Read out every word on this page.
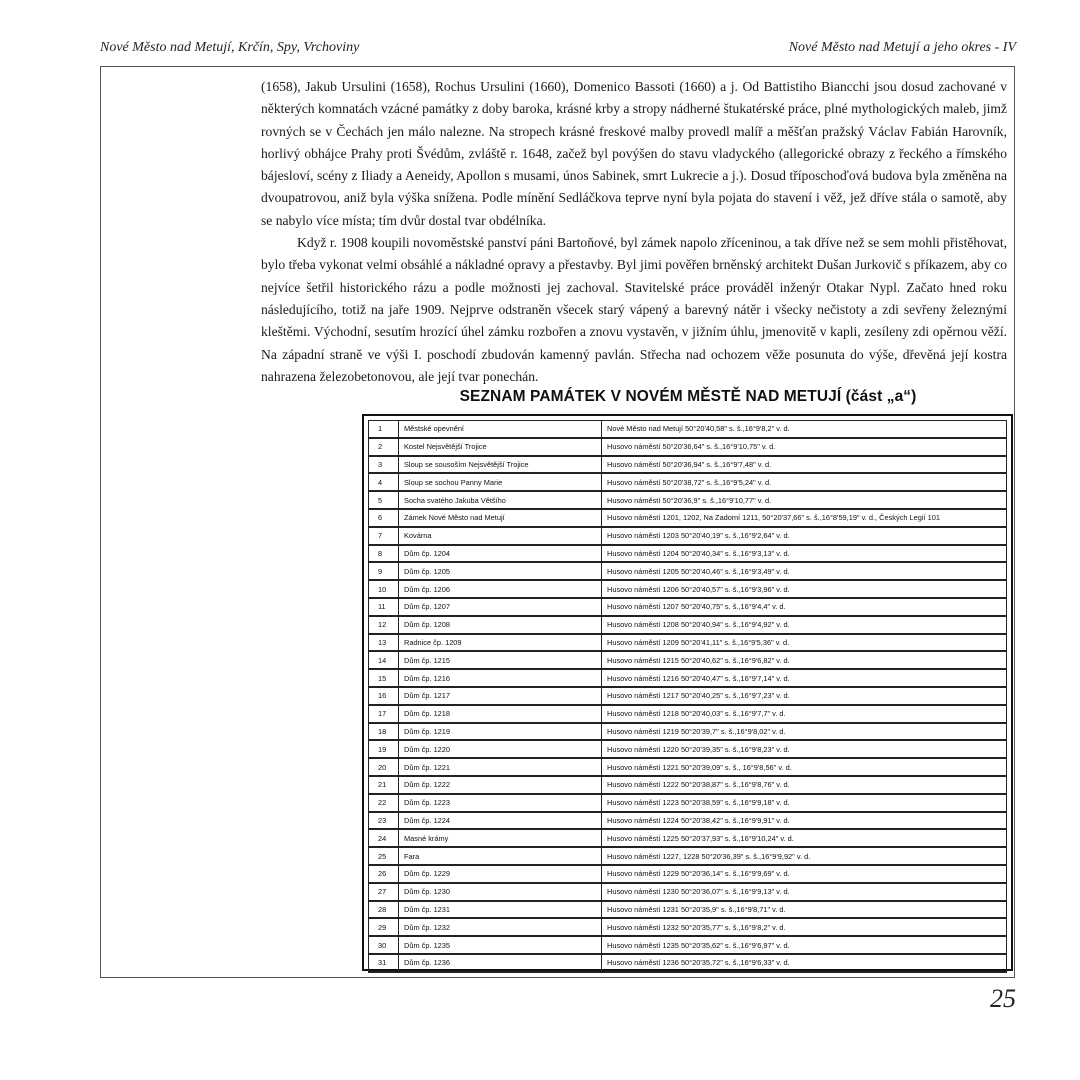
Nové Město nad Metují, Krčín, Spy, Vrchoviny	Nové Město nad Metují a jeho okres - IV

(1658), Jakub Ursulini (1658), Rochus Ursulini (1660), Domenico Bassoti (1660) a j. Od Battistiho Biancchi jsou dosud zachované v některých komnatách vzácné památky z doby baroka, krásné krby a stropy nádherné štukatérské práce, plné mythologických maleb, jimž rovných se v Čechách jen málo nalezne. Na stropech krásné freskové malby provedl malíř a měšťan pražský Václav Fabián Harovník, horlivý obhájce Prahy proti Švédům, zvláště r. 1648, začež byl povýšen do stavu vladyckého (allegorické obrazy z řeckého a římského bájesloví, scény z Iliady a Aeneidy, Apollon s musami, únos Sabinek, smrt Lukrecie a j.). Dosud tříposchoďová budova byla změněna na dvoupatrovou, aniž byla výška snížena. Podle mínění Sedláčkova teprve nyní byla pojata do stavení i věž, jež dříve stála o samotě, aby se nabylo více místa; tím dvůr dostal tvar obdélníka.

Když r. 1908 koupili novoměstské panství páni Bartoňové, byl zámek napolo zříceninou, a tak dříve než se sem mohli přistěhovat, bylo třeba vykonat velmi obsáhlé a nákladné opravy a přestavby. Byl jimi pověřen brněnský architekt Dušan Jurkovič s příkazem, aby co nejvíce šetřil historického rázu a podle možnosti jej zachoval. Stavitelské práce prováděl inženýr Otakar Nypl. Začato hned roku následujícího, totiž na jaře 1909. Nejprve odstraněn všecek starý vápený a barevný nátěr i všecky nečistoty a zdi sevřeny železnými kleštěmi. Východní, sesutím hrozící úhel zámku rozbořen a znovu vystavěn, v jižním úhlu, jmenovitě v kapli, zesíleny zdi opěrnou věží. Na západní straně ve výši I. poschodí zbudován kamenný pavlán. Střecha nad ochozem věže posunuta do výše, dřevěná její kostra nahrazena železobetonovou, ale její tvar ponechán.

SEZNAM PAMÁTEK V NOVÉM MĚSTĚ NAD METUJÍ (část „a“)
1	Městské opevnění	Nové Město nad Metují 50°20'40,58" s. š.,16°9'8,2" v. d.
2	Kostel Nejsvětější Trojice	Husovo náměstí 50°20'36,64" s. š.,16°9'10,75" v. d.
3	Sloup se sousoším Nejsvětější Trojice	Husovo náměstí 50°20'36,94" s. š.,16°9'7,48" v. d.
4	Sloup se sochou Panny Marie	Husovo náměstí 50°20'38,72" s. š.,16°9'5,24" v. d.
5	Socha svatého Jakuba Většího	Husovo náměstí 50°20'36,9" s. š.,16°9'10,77" v. d.
6	Zámek Nové Město nad Metují	Husovo náměstí 1201, 1202, Na Zadomí 1211, 50°20'37,66" s. š.,16°8'59,19" v. d., Českých Legií 101
7	Kovárna	Husovo náměstí 1203 50°20'40,19" s. š.,16°9'2,64" v. d.
8	Dům čp. 1204	Husovo náměstí 1204 50°20'40,34" s. š.,16°9'3,13" v. d.
9	Dům čp. 1205	Husovo náměstí 1205 50°20'40,46" s. š.,16°9'3,49" v. d.
10	Dům čp. 1206	Husovo náměstí 1206 50°20'40,57" s. š.,16°9'3,96" v. d.
11	Dům čp. 1207	Husovo náměstí 1207 50°20'40,75" s. š.,16°9'4,4" v. d.
12	Dům čp. 1208	Husovo náměstí 1208 50°20'40,94" s. š.,16°9'4,92" v. d.
13	Radnice čp. 1209	Husovo náměstí 1209 50°20'41,11" s. š.,16°9'5,36" v. d.
14	Dům čp. 1215	Husovo náměstí 1215 50°20'40,62" s. š.,16°9'6,82" v. d.
15	Dům čp. 1216	Husovo náměstí 1216 50°20'40,47" s. š.,16°9'7,14" v. d.
16	Dům čp. 1217	Husovo náměstí 1217 50°20'40,25" s. š.,16°9'7,23" v. d.
17	Dům čp. 1218	Husovo náměstí 1218 50°20'40,03" s. š.,16°9'7,7" v. d.
18	Dům čp. 1219	Husovo náměstí 1219 50°20'39,7" s. š.,16°9'8,02" v. d.
19	Dům čp. 1220	Husovo náměstí 1220 50°20'39,35" s. š.,16°9'8,23" v. d.
20	Dům čp. 1221	Husovo náměstí 1221 50°20'39,09" s. š., 16°9'8,56" v. d.
21	Dům čp. 1222	Husovo náměstí 1222 50°20'38,87" s. š.,16°9'8,76" v. d.
22	Dům čp. 1223	Husovo náměstí 1223 50°20'38,59" s. š.,16°9'9,18" v. d.
23	Dům čp. 1224	Husovo náměstí 1224 50°20'38,42" s. š.,16°9'9,91" v. d.
24	Masné krámy	Husovo náměstí 1225 50°20'37,93" s. š.,16°9'10,24" v. d.
25	Fara	Husovo náměstí 1227, 1228 50°20'36,39" s. š.,16°9'9,92" v. d.
26	Dům čp. 1229	Husovo náměstí 1229 50°20'36,14" s. š.,16°9'9,69" v. d.
27	Dům čp. 1230	Husovo náměstí 1230 50°20'36,07" s. š.,16°9'9,13" v. d.
28	Dům čp. 1231	Husovo náměstí 1231 50°20'35,9" s. š.,16°9'8,71" v. d.
29	Dům čp. 1232	Husovo náměstí 1232 50°20'35,77" s. š.,16°9'8,2" v. d.
30	Dům čp. 1235	Husovo náměstí 1235 50°20'35,62" s. š.,16°9'6,97" v. d.
31	Dům čp. 1236	Husovo náměstí 1236 50°20'35,72" s. š.,16°9'6,33" v. d.
25
